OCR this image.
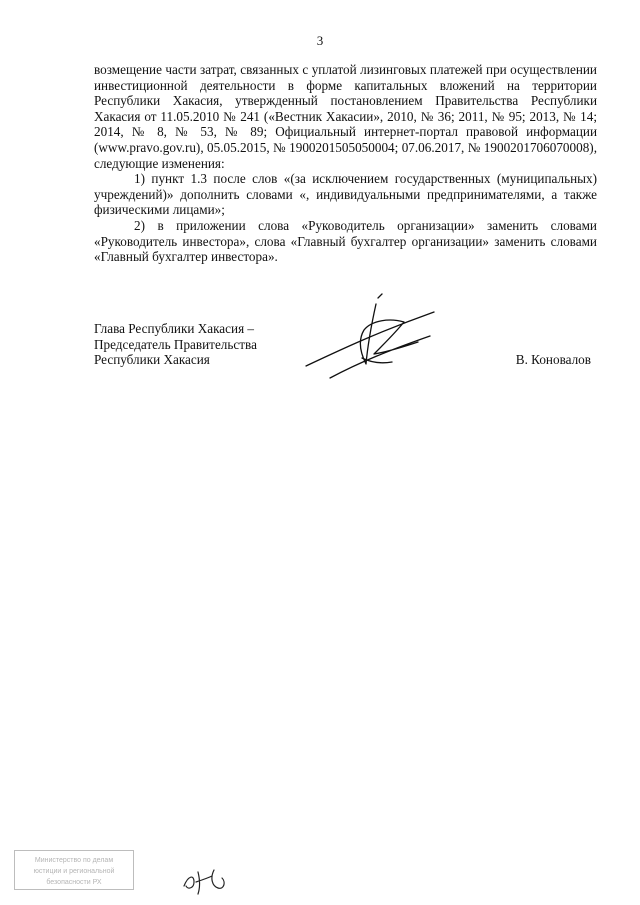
3

возмещение части затрат, связанных с уплатой лизинговых платежей при осуществлении инвестиционной деятельности в форме капитальных вложений на территории Республики Хакасия, утвержденный постановлением Правительства Республики Хакасия от 11.05.2010 № 241 («Вестник Хакасии», 2010, № 36; 2011, № 95; 2013, № 14; 2014, № 8, № 53, № 89; Официальный интернет-портал правовой информации (www.pravo.gov.ru), 05.05.2015, № 1900201505050004; 07.06.2017, № 1900201706070008), следующие изменения:

1) пункт 1.3 после слов «(за исключением государственных (муниципальных) учреждений)» дополнить словами «, индивидуальными предпринимателями, а также физическими лицами»;

2) в приложении слова «Руководитель организации» заменить словами «Руководитель инвестора», слова «Главный бухгалтер организации» заменить словами «Главный бухгалтер инвестора».

Глава Республики Хакасия –
Председатель Правительства
Республики Хакасия	В. Коновалов
Министерство по делам
юстиции и региональной
безопасности РХ
